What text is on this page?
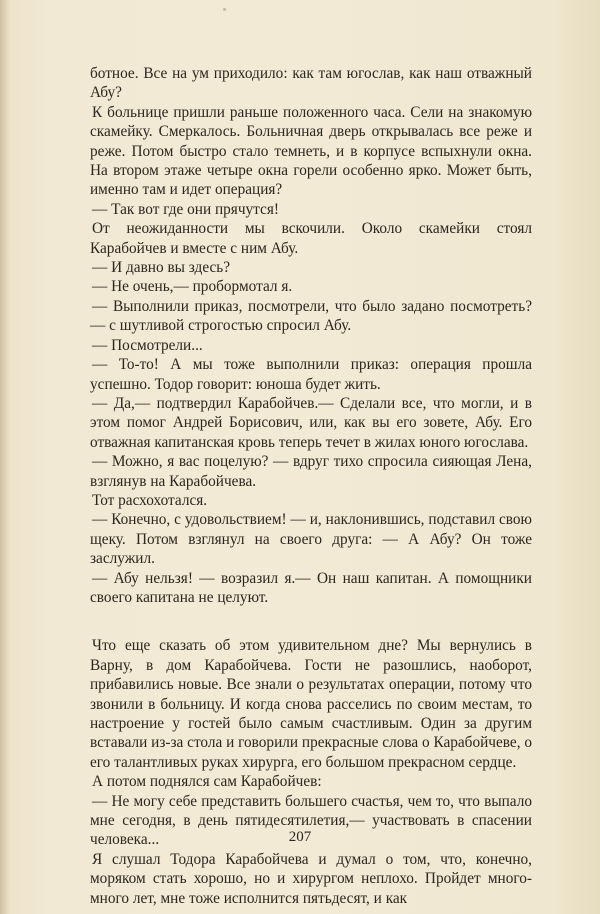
ботное. Все на ум приходило: как там югослав, как наш отважный Абу?

К больнице пришли раньше положенного часа. Сели на знакомую скамейку. Смеркалось. Больничная дверь открывалась все реже и реже. Потом быстро стало темнеть, и в корпусе вспыхнули окна. На втором этаже четыре окна горели особенно ярко. Может быть, именно там и идет операция?

— Так вот где они прячутся!

От неожиданности мы вскочили. Около скамейки стоял Карабойчев и вместе с ним Абу.

— И давно вы здесь?

— Не очень,— пробормотал я.

— Выполнили приказ, посмотрели, что было задано посмотреть? — с шутливой строгостью спросил Абу.

— Посмотрели...

— То-то! А мы тоже выполнили приказ: операция прошла успешно. Тодор говорит: юноша будет жить.

— Да,— подтвердил Карабойчев.— Сделали все, что могли, и в этом помог Андрей Борисович, или, как вы его зовете, Абу. Его отважная капитанская кровь теперь течет в жилах юного югослава.

— Можно, я вас поцелую? — вдруг тихо спросила сияющая Лена, взглянув на Карабойчева.

Тот расхохотался.

— Конечно, с удовольствием! — и, наклонившись, подставил свою щеку. Потом взглянул на своего друга: — А Абу? Он тоже заслужил.

— Абу нельзя! — возразил я.— Он наш капитан. А помощники своего капитана не целуют.

Что еще сказать об этом удивительном дне? Мы вернулись в Варну, в дом Карабойчева. Гости не разошлись, наоборот, прибавились новые. Все знали о результатах операции, потому что звонили в больницу. И когда снова расселись по своим местам, то настроение у гостей было самым счастливым. Один за другим вставали из-за стола и говорили прекрасные слова о Карабойчеве, о его талантливых руках хирурга, его большом прекрасном сердце.

А потом поднялся сам Карабойчев:

— Не могу себе представить большего счастья, чем то, что выпало мне сегодня, в день пятидесятилетия,— участвовать в спасении человека...

Я слушал Тодора Карабойчева и думал о том, что, конечно, моряком стать хорошо, но и хирургом неплохо. Пройдет много-много лет, мне тоже исполнится пятьдесят, и как

207
